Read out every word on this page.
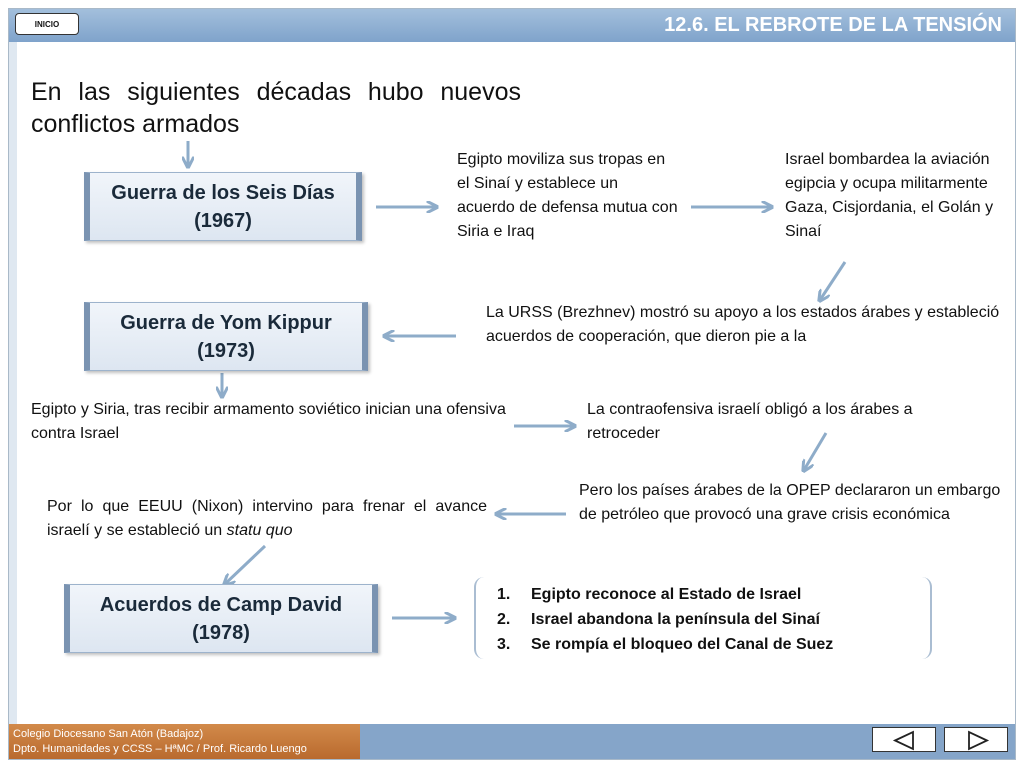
INICIO	12.6. EL REBROTE DE LA TENSIÓN
En las siguientes décadas hubo nuevos conflictos armados
Guerra de los Seis Días
(1967)
Guerra de Yom Kippur
(1973)
Acuerdos de Camp David
(1978)
Egipto moviliza sus tropas en el Sinaí y establece un acuerdo de defensa mutua con Siria e Iraq
Israel bombardea la aviación egipcia y ocupa militarmente Gaza, Cisjordania, el Golán y Sinaí
La URSS (Brezhnev) mostró su apoyo a los estados árabes y estableció acuerdos de cooperación, que dieron pie a la
Egipto y Siria, tras recibir armamento soviético inician una ofensiva contra Israel
La contraofensiva israelí obligó a los árabes a retroceder
Pero los países árabes de la OPEP declararon un embargo de petróleo que provocó una grave crisis económica
Por lo que EEUU (Nixon) intervino para frenar el avance israelí y se estableció un statu quo
1. Egipto reconoce al Estado de Israel
2. Israel abandona la península del Sinaí
3. Se rompía el bloqueo del Canal de Suez
Colegio Diocesano San Atón (Badajoz)
Dpto. Humanidades y CCSS – HªMC / Prof. Ricardo Luengo
